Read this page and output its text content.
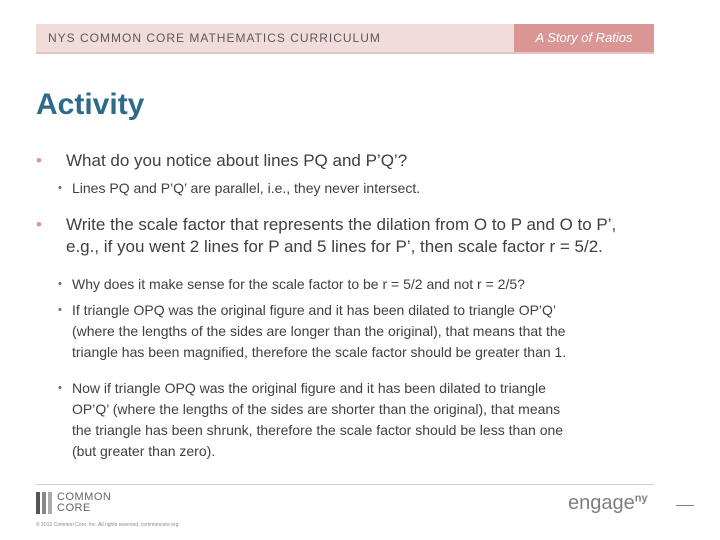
NYS COMMON CORE MATHEMATICS CURRICULUM	A Story of Ratios
Activity
• What do you notice about lines PQ and P’Q’?
• Lines PQ and P’Q’ are parallel, i.e., they never intersect.
• Write the scale factor that represents the dilation from O to P and O to P’,
e.g., if you went 2 lines for P and 5 lines for P’, then scale factor r = 5/2.
• Why does it make sense for the scale factor to be r = 5/2 and not r = 2/5?
• If triangle OPQ was the original figure and it has been dilated to triangle OP’Q’
(where the lengths of the sides are longer than the original), that means that the
triangle has been magnified, therefore the scale factor should be greater than 1.
• Now if triangle OPQ was the original figure and it has been dilated to triangle
OP’Q’ (where the lengths of the sides are shorter than the original), that means
the triangle has been shrunk, therefore the scale factor should be less than one
(but greater than zero).
COMMON
CORE
© 2012 Common Core, Inc. All rights reserved. commoncore.org
engage$^{ny}$
